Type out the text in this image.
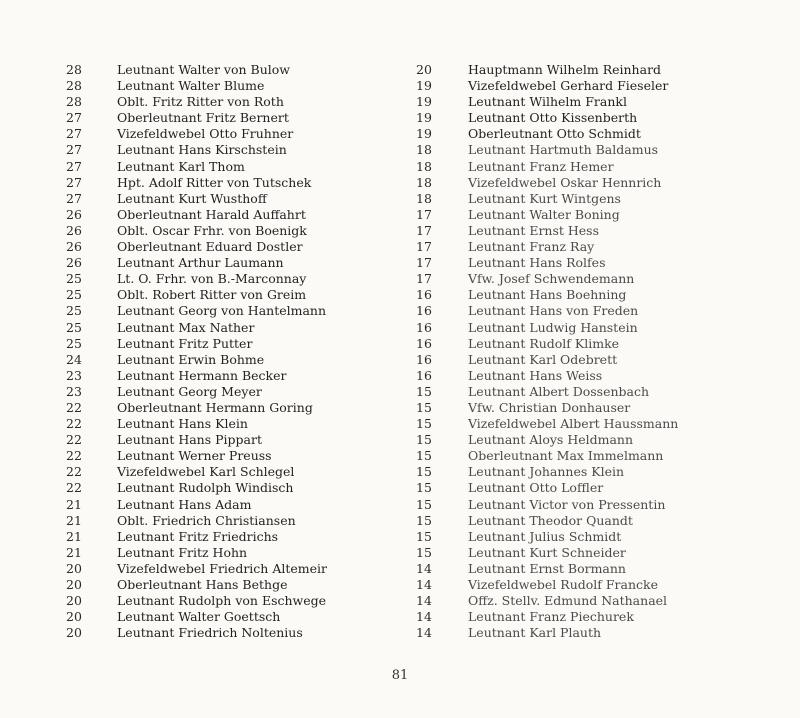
28	Leutnant Walter von Bulow
28	Leutnant Walter Blume
28	Oblt. Fritz Ritter von Roth
27	Oberleutnant Fritz Bernert
27	Vizefeldwebel Otto Fruhner
27	Leutnant Hans Kirschstein
27	Leutnant Karl Thom
27	Hpt. Adolf Ritter von Tutschek
27	Leutnant Kurt Wusthoff
26	Oberleutnant Harald Auffahrt
26	Oblt. Oscar Frhr. von Boenigk
26	Oberleutnant Eduard Dostler
26	Leutnant Arthur Laumann
25	Lt. O. Frhr. von B.-Marconnay
25	Oblt. Robert Ritter von Greim
25	Leutnant Georg von Hantelmann
25	Leutnant Max Nather
25	Leutnant Fritz Putter
24	Leutnant Erwin Bohme
23	Leutnant Hermann Becker
23	Leutnant Georg Meyer
22	Oberleutnant Hermann Goring
22	Leutnant Hans Klein
22	Leutnant Hans Pippart
22	Leutnant Werner Preuss
22	Vizefeldwebel Karl Schlegel
22	Leutnant Rudolph Windisch
21	Leutnant Hans Adam
21	Oblt. Friedrich Christiansen
21	Leutnant Fritz Friedrichs
21	Leutnant Fritz Hohn
20	Vizefeldwebel Friedrich Altemeir
20	Oberleutnant Hans Bethge
20	Leutnant Rudolph von Eschwege
20	Leutnant Walter Goettsch
20	Leutnant Friedrich Noltenius
20	Hauptmann Wilhelm Reinhard
19	Vizefeldwebel Gerhard Fieseler
19	Leutnant Wilhelm Frankl
19	Leutnant Otto Kissenberth
19	Oberleutnant Otto Schmidt
18	Leutnant Hartmuth Baldamus
18	Leutnant Franz Hemer
18	Vizefeldwebel Oskar Hennrich
18	Leutnant Kurt Wintgens
17	Leutnant Walter Boning
17	Leutnant Ernst Hess
17	Leutnant Franz Ray
17	Leutnant Hans Rolfes
17	Vfw. Josef Schwendemann
16	Leutnant Hans Boehning
16	Leutnant Hans von Freden
16	Leutnant Ludwig Hanstein
16	Leutnant Rudolf Klimke
16	Leutnant Karl Odebrett
16	Leutnant Hans Weiss
15	Leutnant Albert Dossenbach
15	Vfw. Christian Donhauser
15	Vizefeldwebel Albert Haussmann
15	Leutnant Aloys Heldmann
15	Oberleutnant Max Immelmann
15	Leutnant Johannes Klein
15	Leutnant Otto Loffler
15	Leutnant Victor von Pressentin
15	Leutnant Theodor Quandt
15	Leutnant Julius Schmidt
15	Leutnant Kurt Schneider
14	Leutnant Ernst Bormann
14	Vizefeldwebel Rudolf Francke
14	Offz. Stellv. Edmund Nathanael
14	Leutnant Franz Piechurek
14	Leutnant Karl Plauth
81
